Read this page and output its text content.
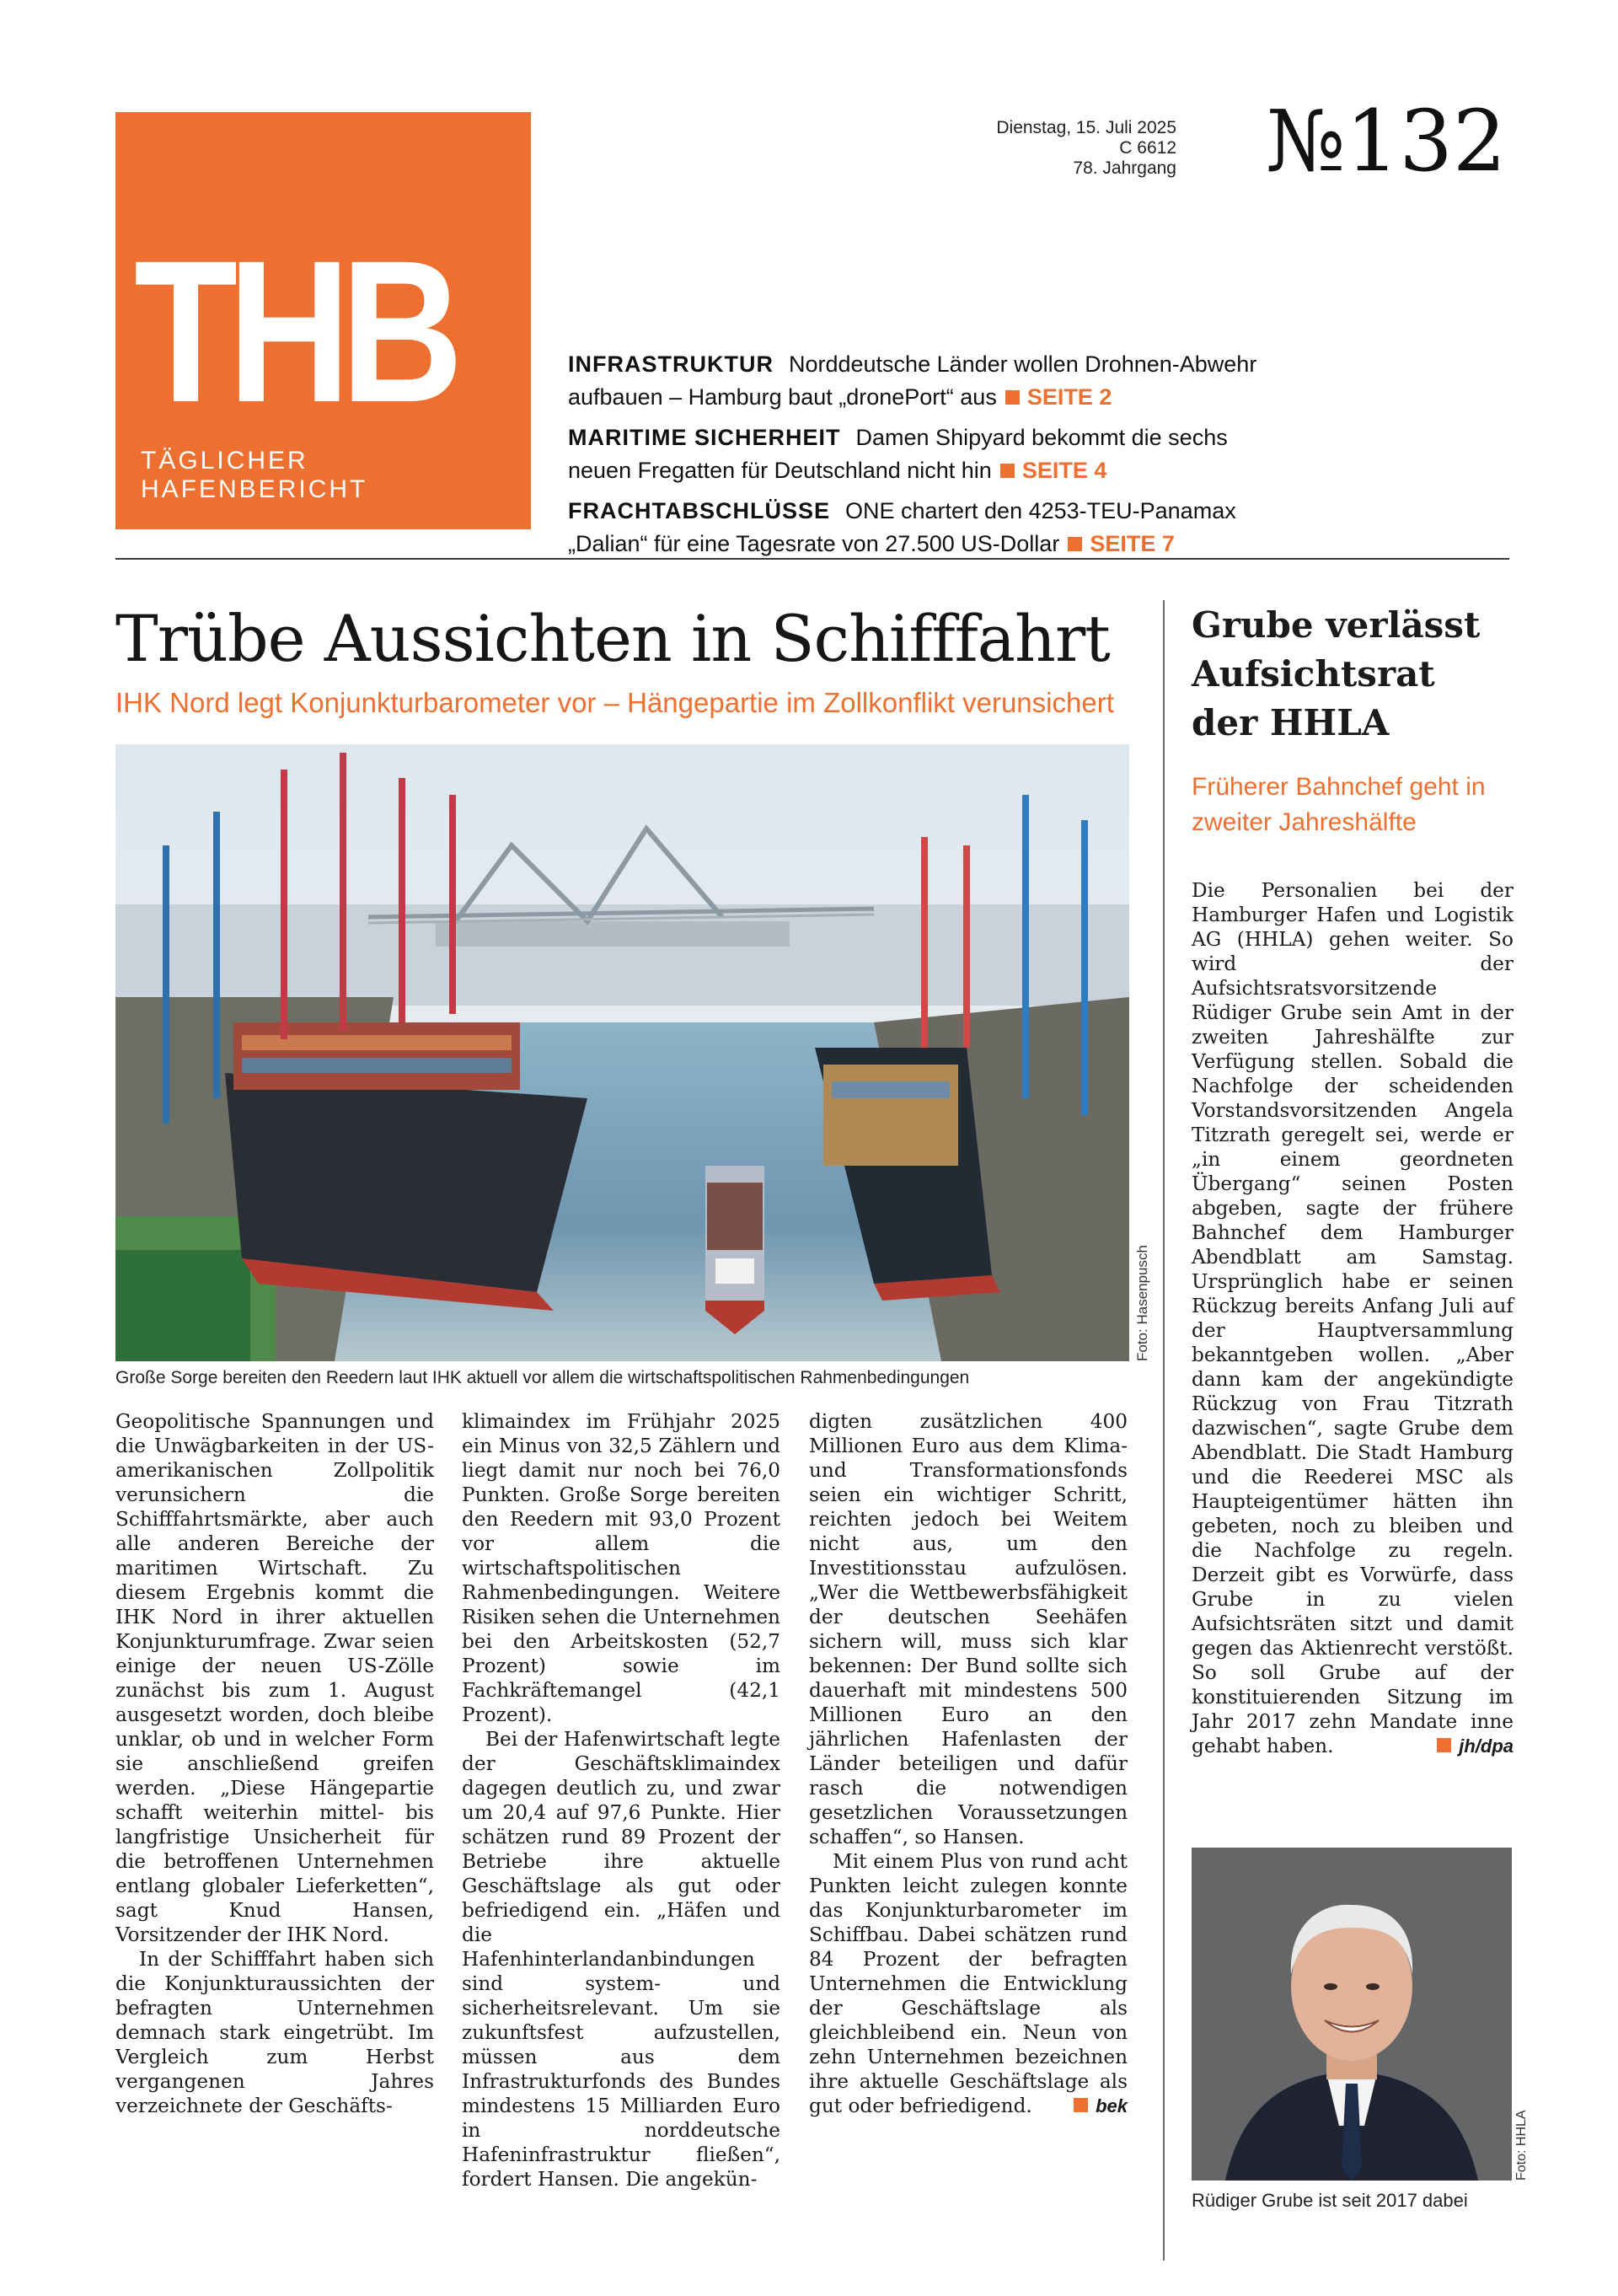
THB
TÄGLICHER HAFENBERICHT
Dienstag, 15. Juli 2025
C 6612
78. Jahrgang №132
INFRASTRUKTUR Norddeutsche Länder wollen Drohnen-Abwehr aufbauen – Hamburg baut „dronePort“ aus SEITE 2
MARITIME SICHERHEIT Damen Shipyard bekommt die sechs neuen Fregatten für Deutschland nicht hin SEITE 4
FRACHTABSCHLÜSSE ONE chartert den 4253-TEU-Panamax „Dalian“ für eine Tagesrate von 27.500 US-Dollar SEITE 7
Trübe Aussichten in Schifffahrt
IHK Nord legt Konjunkturbarometer vor – Hängepartie im Zollkonflikt verunsichert
Foto: Hasenpusch
Große Sorge bereiten den Reedern laut IHK aktuell vor allem die wirtschaftspolitischen Rahmenbedingungen

Geopolitische Spannungen und die Unwägbarkeiten in der US-amerikanischen Zollpolitik verunsichern die Schifffahrtsmärkte, aber auch alle anderen Bereiche der maritimen Wirtschaft. Zu diesem Ergebnis kommt die IHK Nord in ihrer aktuellen Konjunkturumfrage. Zwar seien einige der neuen US-Zölle zunächst bis zum 1. August ausgesetzt worden, doch bleibe unklar, ob und in welcher Form sie anschließend greifen werden. „Diese Hängepartie schafft weiterhin mittel- bis langfristige Unsicherheit für die betroffenen Unternehmen entlang globaler Lieferketten“, sagt Knud Hansen, Vorsitzender der IHK Nord.

In der Schifffahrt haben sich die Konjunkturaussichten der befragten Unternehmen demnach stark eingetrübt. Im Vergleich zum Herbst vergangenen Jahres verzeichnete der Geschäfts-

klimaindex im Frühjahr 2025 ein Minus von 32,5 Zählern und liegt damit nur noch bei 76,0 Punkten. Große Sorge bereiten den Reedern mit 93,0 Prozent vor allem die wirtschaftspolitischen Rahmenbedingungen. Weitere Risiken sehen die Unternehmen bei den Arbeitskosten (52,7 Prozent) sowie im Fachkräftemangel (42,1 Prozent).

Bei der Hafenwirtschaft legte der Geschäftsklimaindex dagegen deutlich zu, und zwar um 20,4 auf 97,6 Punkte. Hier schätzen rund 89 Prozent der Betriebe ihre aktuelle Geschäftslage als gut oder befriedigend ein. „Häfen und die Hafenhinterlandanbindungen sind system- und sicherheitsrelevant. Um sie zukunftsfest aufzustellen, müssen aus dem Infrastrukturfonds des Bundes mindestens 15 Milliarden Euro in norddeutsche Hafeninfrastruktur fließen“, fordert Hansen. Die angekün-

digten zusätzlichen 400 Millionen Euro aus dem Klima- und Transformationsfonds seien ein wichtiger Schritt, reichten jedoch bei Weitem nicht aus, um den Investitionsstau aufzulösen. „Wer die Wettbewerbsfähigkeit der deutschen Seehäfen sichern will, muss sich klar bekennen: Der Bund sollte sich dauerhaft mit mindestens 500 Millionen Euro an den jährlichen Hafenlasten der Länder beteiligen und dafür rasch die notwendigen gesetzlichen Voraussetzungen schaffen“, so Hansen.

Mit einem Plus von rund acht Punkten leicht zulegen konnte das Konjunkturbarometer im Schiffbau. Dabei schätzen rund 84 Prozent der befragten Unternehmen die Entwicklung der Geschäftslage als gleichbleibend ein. Neun von zehn Unternehmen bezeichnen ihre aktuelle Geschäftslage als gut oder befriedigend.	bek

Grube verlässt Aufsichtsrat der HHLA
Früherer Bahnchef geht in zweiter Jahreshälfte

Die Personalien bei der Hamburger Hafen und Logistik AG (HHLA) gehen weiter. So wird der Aufsichtsratsvorsitzende Rüdiger Grube sein Amt in der zweiten Jahreshälfte zur Verfügung stellen. Sobald die Nachfolge der scheidenden Vorstandsvorsitzenden Angela Titzrath geregelt sei, werde er „in einem geordneten Übergang“ seinen Posten abgeben, sagte der frühere Bahnchef dem Hamburger Abendblatt am Samstag. Ursprünglich habe er seinen Rückzug bereits Anfang Juli auf der Hauptversammlung bekanntgeben wollen. „Aber dann kam der angekündigte Rückzug von Frau Titzrath dazwischen“, sagte Grube dem Abendblatt. Die Stadt Hamburg und die Reederei MSC als Haupteigentümer hätten ihn gebeten, noch zu bleiben und die Nachfolge zu regeln. Derzeit gibt es Vorwürfe, dass Grube in zu vielen Aufsichtsräten sitzt und damit gegen das Aktienrecht verstößt. So soll Grube auf der konstituierenden Sitzung im Jahr 2017 zehn Mandate inne gehabt haben.	jh/dpa

Foto: HHLA
Rüdiger Grube ist seit 2017 dabei
